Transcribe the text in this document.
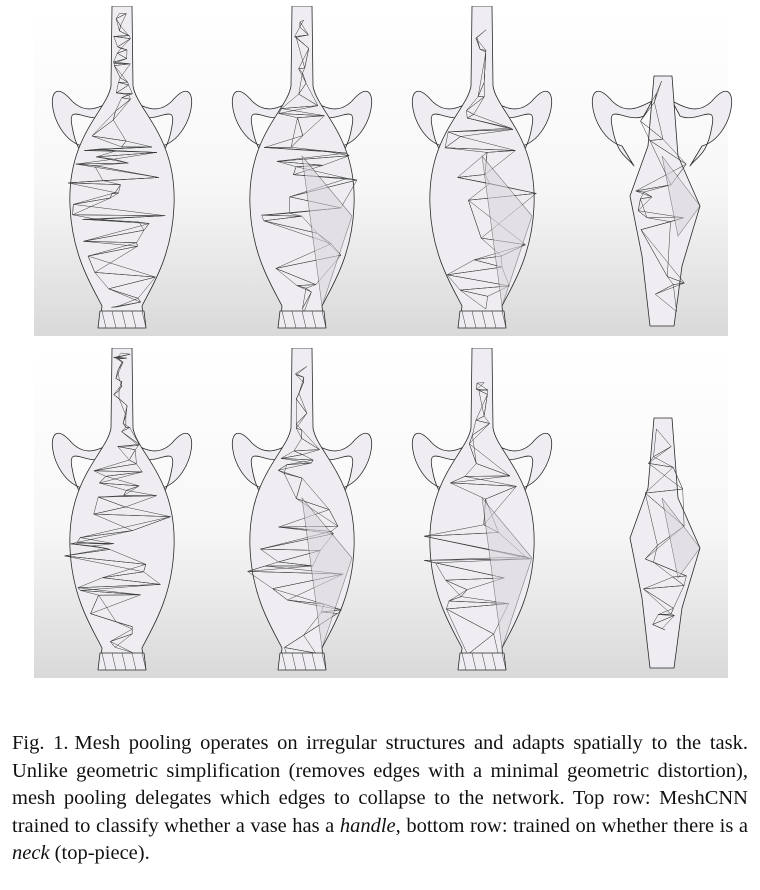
Fig. 1. Mesh pooling operates on irregular structures and adapts spatially to the task. Unlike geometric simplification (removes edges with a minimal geometric distortion), mesh pooling delegates which edges to collapse to the network. Top row: MeshCNN trained to classify whether a vase has a handle, bottom row: trained on whether there is a neck (top-piece).
